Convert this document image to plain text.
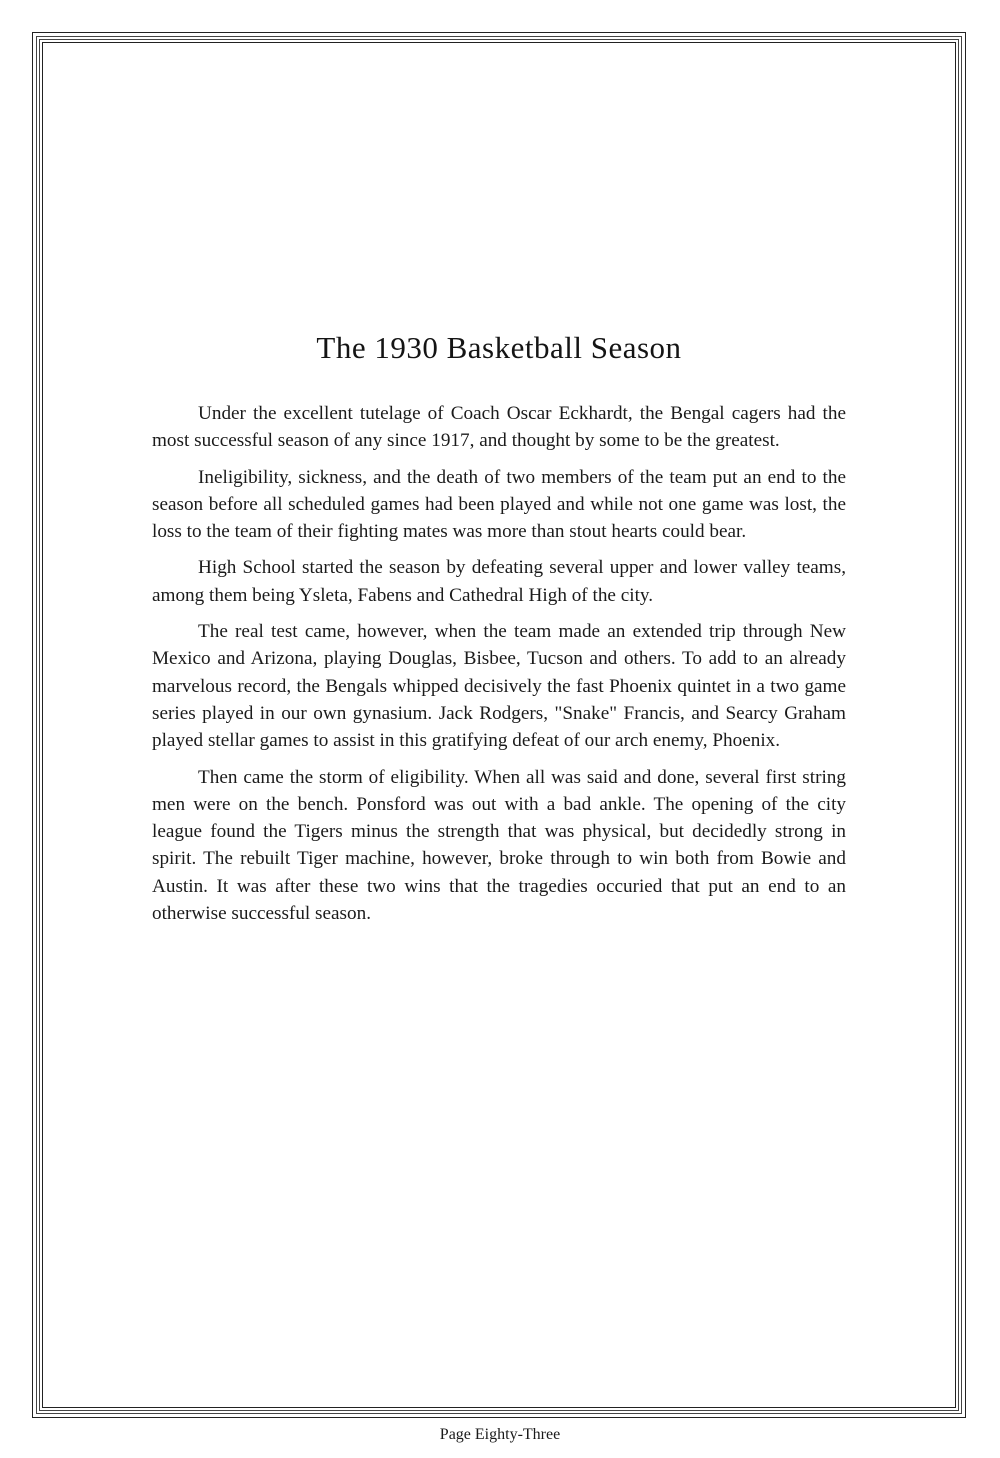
The 1930 Basketball Season

Under the excellent tutelage of Coach Oscar Eckhardt, the Bengal cagers had the most successful season of any since 1917, and thought by some to be the greatest.

Ineligibility, sickness, and the death of two members of the team put an end to the season before all scheduled games had been played and while not one game was lost, the loss to the team of their fighting mates was more than stout hearts could bear.

High School started the season by defeating several upper and lower valley teams, among them being Ysleta, Fabens and Cathedral High of the city.

The real test came, however, when the team made an extended trip through New Mexico and Arizona, playing Douglas, Bisbee, Tucson and others. To add to an already marvelous record, the Bengals whipped decisively the fast Phoenix quintet in a two game series played in our own gynasium. Jack Rodgers, "Snake" Francis, and Searcy Graham played stellar games to assist in this gratifying defeat of our arch enemy, Phoenix.

Then came the storm of eligibility. When all was said and done, several first string men were on the bench. Ponsford was out with a bad ankle. The opening of the city league found the Tigers minus the strength that was physical, but decidedly strong in spirit. The rebuilt Tiger machine, however, broke through to win both from Bowie and Austin. It was after these two wins that the tragedies occuried that put an end to an otherwise successful season.

Page Eighty-Three
